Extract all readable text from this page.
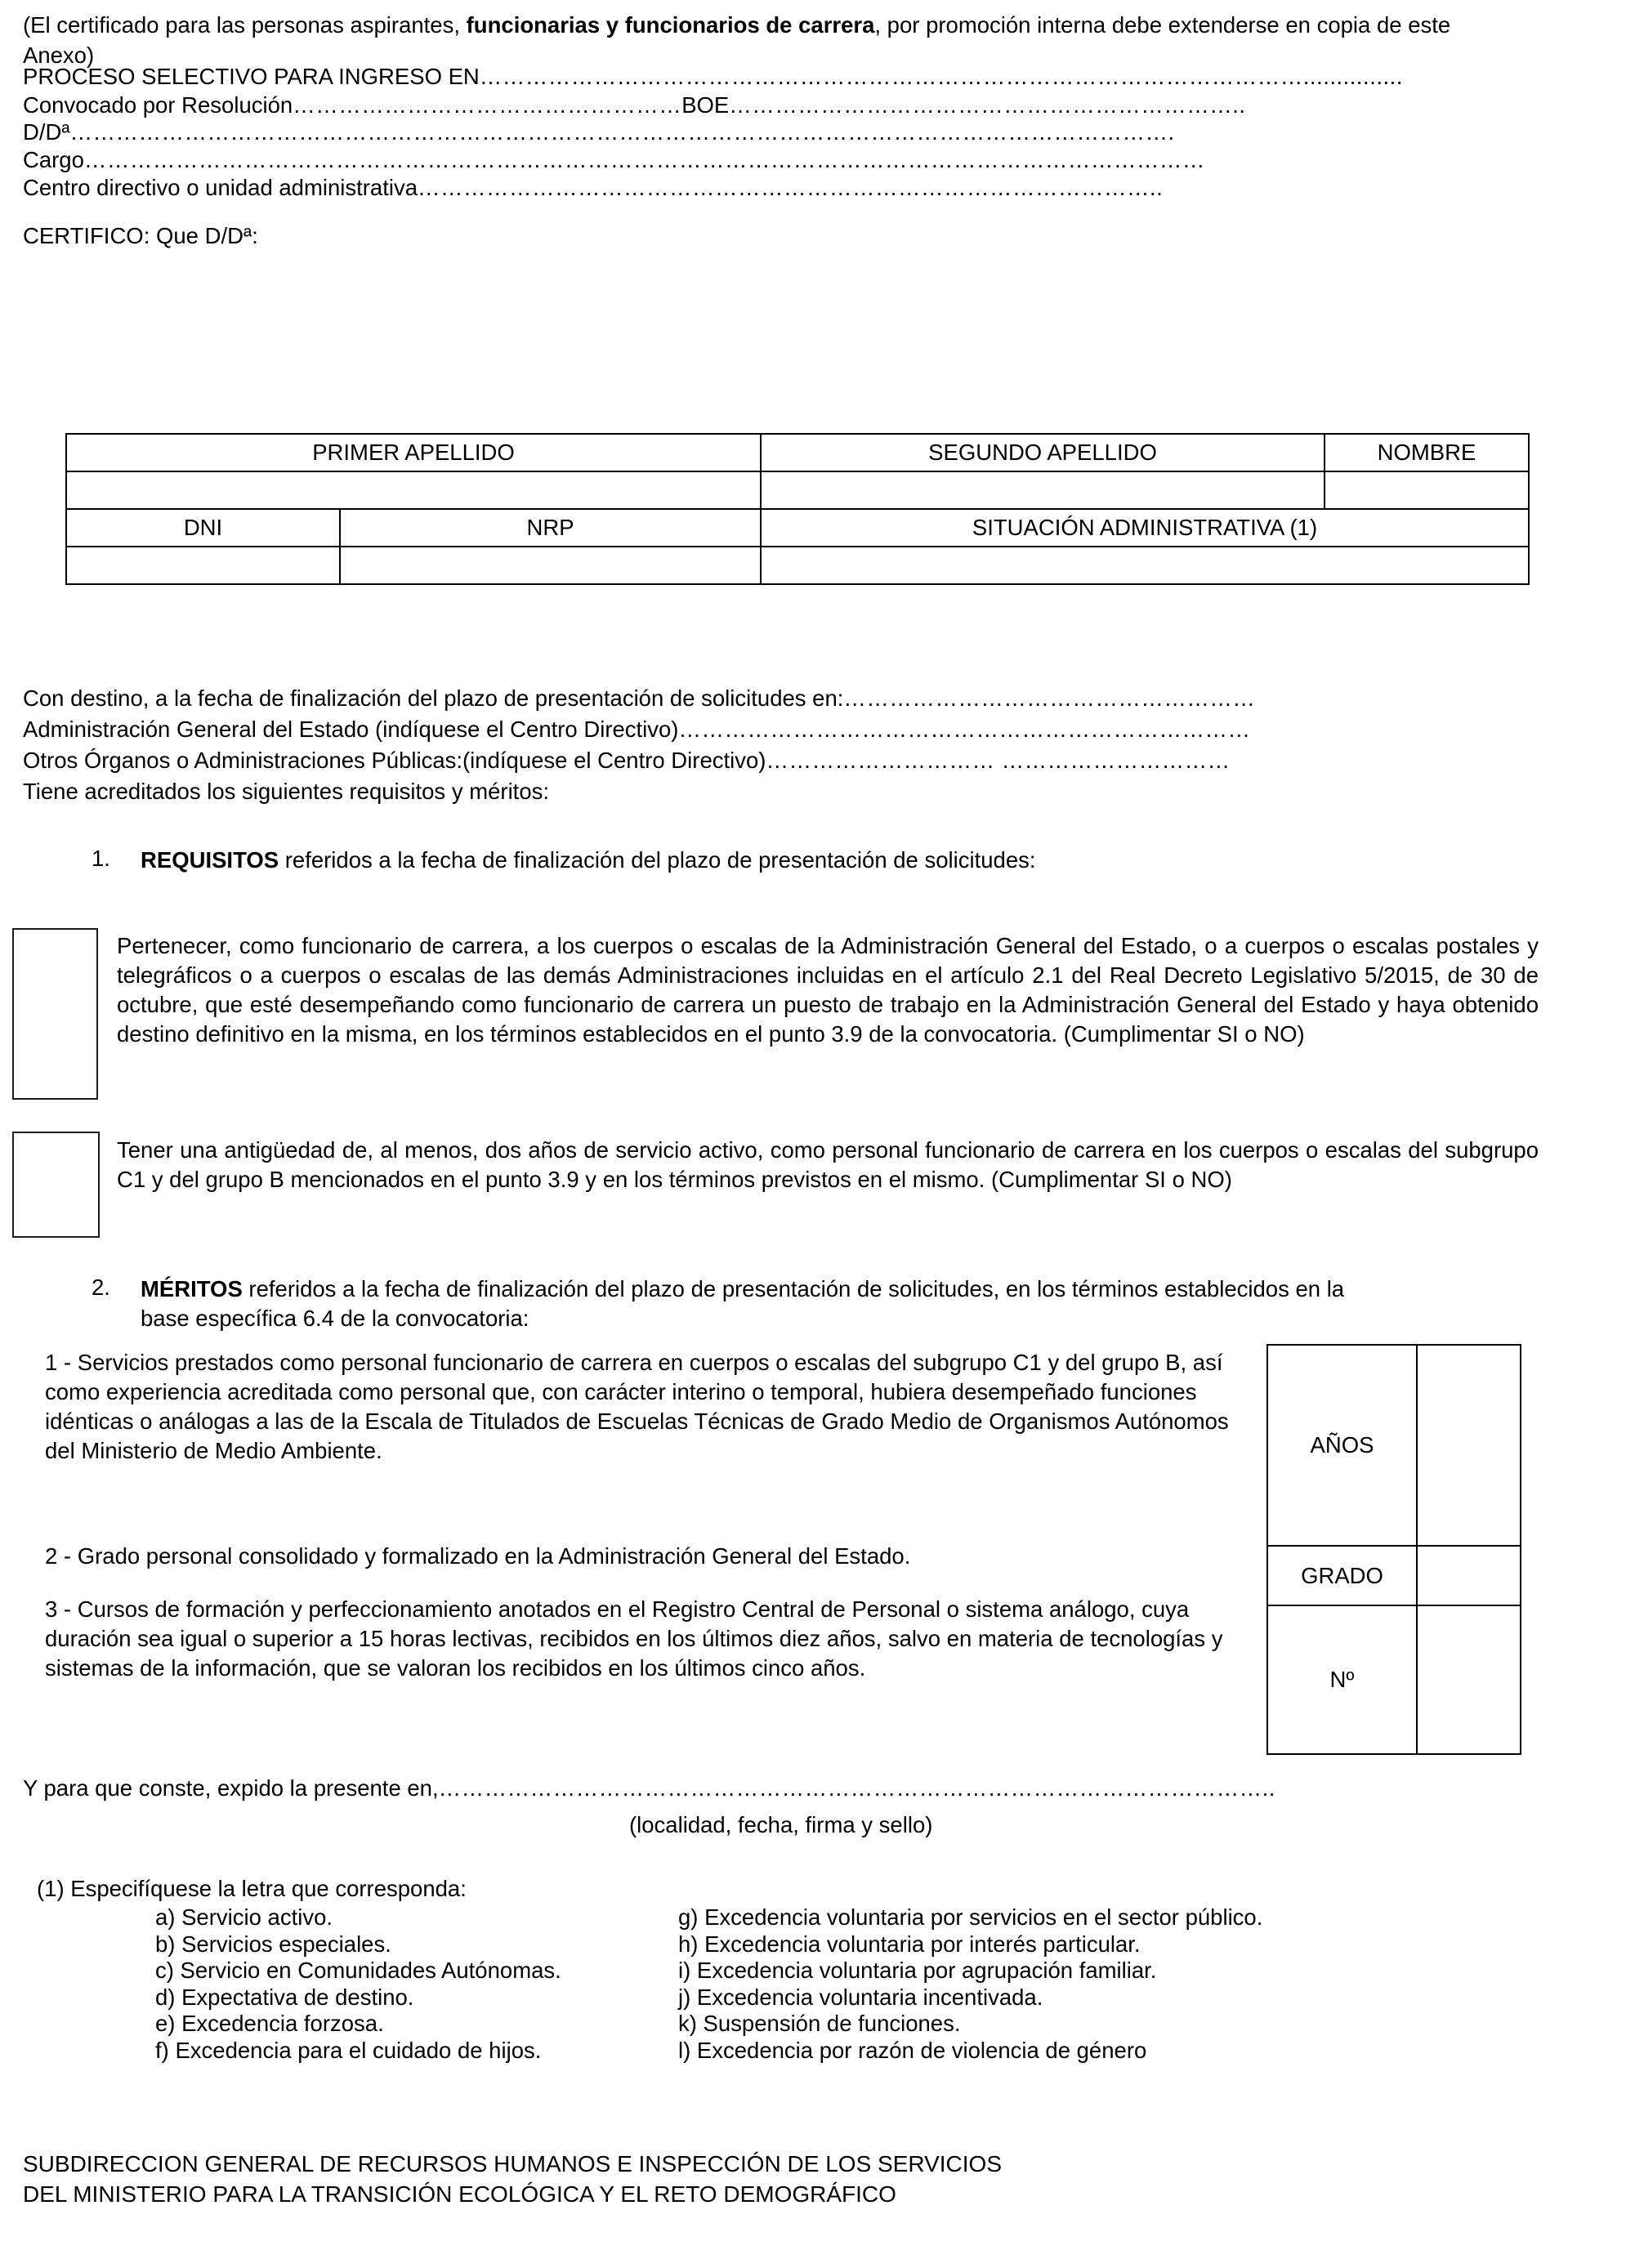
(El certificado para las personas aspirantes, funcionarias y funcionarios de carrera, por promoción interna debe extenderse en copia de este Anexo)
PROCESO SELECTIVO PARA INGRESO EN………………………………………………………………………………………………...............
Convocado por Resolución……………………………………………BOE…………………………………………………………..
D/Dª……………………………………………………………………………………………………………………………….
Cargo…………………………………………………………………………………………………………………………………
Centro directivo o unidad administrativa……………………………………………………………………………………..
CERTIFICO: Que D/Dª:
PRIMER APELLIDO		SEGUNDO APELLIDO	NOMBRE

DNI	NRP	SITUACIÓN ADMINISTRATIVA (1)	

Con destino, a la fecha de finalización del plazo de presentación de solicitudes en:………………………………………………
Administración General del Estado (indíquese el Centro Directivo)…………………………………………………………………
Otros Órganos o Administraciones Públicas:(indíquese el Centro Directivo)………………………… …………………………
Tiene acreditados los siguientes requisitos y méritos:
1. REQUISITOS referidos a la fecha de finalización del plazo de presentación de solicitudes:
Pertenecer, como funcionario de carrera, a los cuerpos o escalas de la Administración General del Estado, o a cuerpos o escalas postales y telegráficos o a cuerpos o escalas de las demás Administraciones incluidas en el artículo 2.1 del Real Decreto Legislativo 5/2015, de 30 de octubre, que esté desempeñando como funcionario de carrera un puesto de trabajo en la Administración General del Estado y haya obtenido destino definitivo en la misma, en los términos establecidos en el punto 3.9 de la convocatoria. (Cumplimentar SI o NO)
Tener una antigüedad de, al menos, dos años de servicio activo, como personal funcionario de carrera en los cuerpos o escalas del subgrupo C1 y del grupo B mencionados en el punto 3.9 y en los términos previstos en el mismo. (Cumplimentar SI o NO)
2. MÉRITOS referidos a la fecha de finalización del plazo de presentación de solicitudes, en los términos establecidos en la
base específica 6.4 de la convocatoria:
1 - Servicios prestados como personal funcionario de carrera en cuerpos o escalas del subgrupo C1 y del grupo B, así como experiencia acreditada como personal que, con carácter interino o temporal, hubiera desempeñado funciones idénticas o análogas a las de la Escala de Titulados de Escuelas Técnicas de Grado Medio de Organismos Autónomos del Ministerio de Medio Ambiente.
2 - Grado personal consolidado y formalizado en la Administración General del Estado.
3 - Cursos de formación y perfeccionamiento anotados en el Registro Central de Personal o sistema análogo, cuya duración sea igual o superior a 15 horas lectivas, recibidos en los últimos diez años, salvo en materia de tecnologías y sistemas de la información, que se valoran los recibidos en los últimos cinco años.
AÑOS	
GRADO	
Nº	
Y para que conste, expido la presente en,………………………………………………………………………………………………..
(localidad, fecha, firma y sello)
(1) Especifíquese la letra que corresponda:
a) Servicio activo.
b) Servicios especiales.
c) Servicio en Comunidades Autónomas.
d) Expectativa de destino.
e) Excedencia forzosa.
f) Excedencia para el cuidado de hijos.
g) Excedencia voluntaria por servicios en el sector público.
h) Excedencia voluntaria por interés particular.
i) Excedencia voluntaria por agrupación familiar.
j) Excedencia voluntaria incentivada.
k) Suspensión de funciones.
l) Excedencia por razón de violencia de género
SUBDIRECCION GENERAL DE RECURSOS HUMANOS E INSPECCIÓN DE LOS SERVICIOS
DEL MINISTERIO PARA LA TRANSICIÓN ECOLÓGICA Y EL RETO DEMOGRÁFICO
